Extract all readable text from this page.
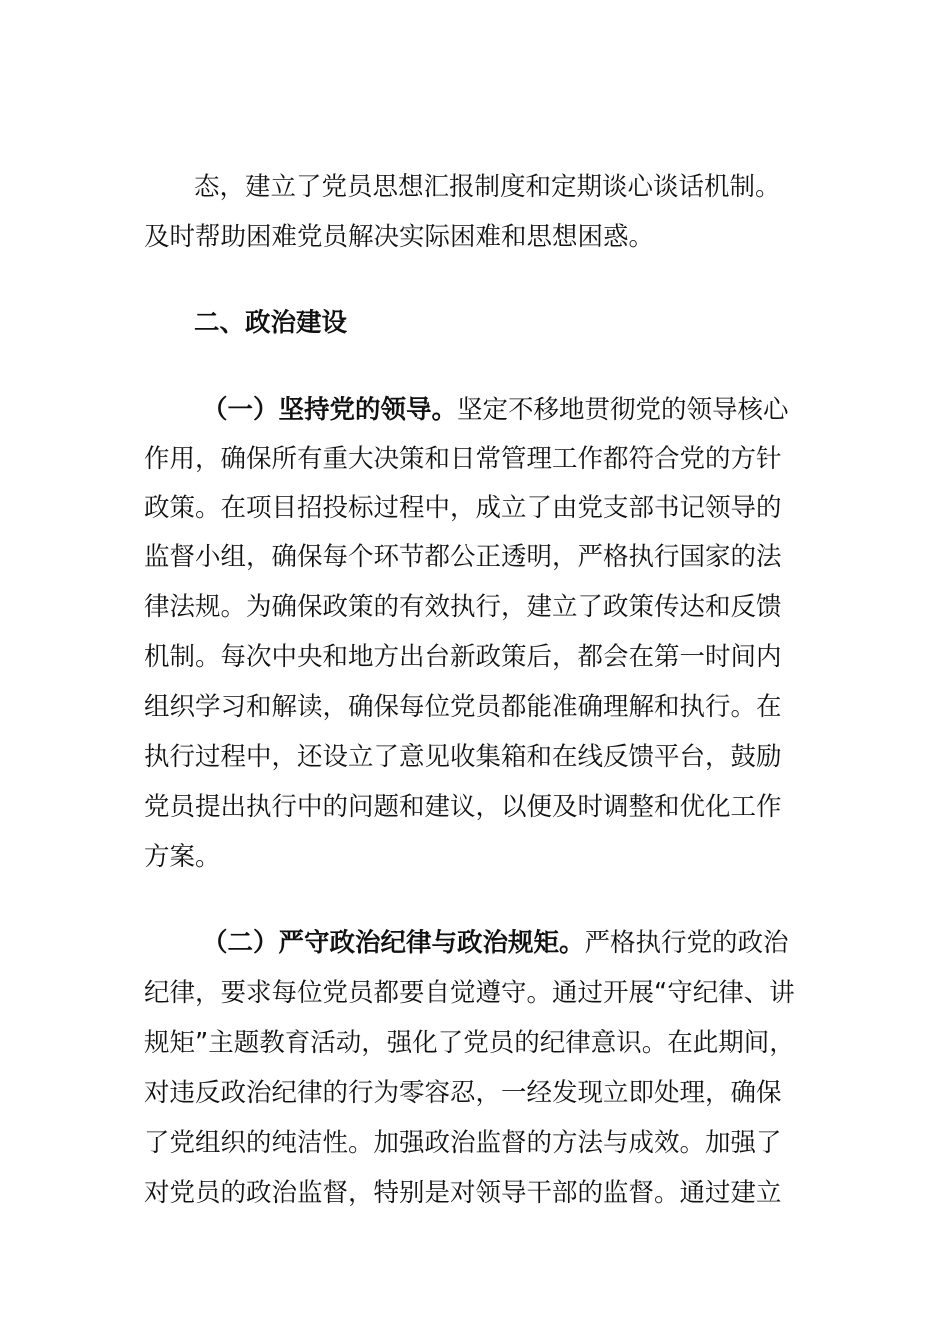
态，建立了党员思想汇报制度和定期谈心谈话机制。
及时帮助困难党员解决实际困难和思想困惑。
二、政治建设
（一）坚持党的领导。坚定不移地贯彻党的领导核心
作用，确保所有重大决策和日常管理工作都符合党的方针
政策。在项目招投标过程中，成立了由党支部书记领导的
监督小组，确保每个环节都公正透明，严格执行国家的法
律法规。为确保政策的有效执行，建立了政策传达和反馈
机制。每次中央和地方出台新政策后，都会在第一时间内
组织学习和解读，确保每位党员都能准确理解和执行。在
执行过程中，还设立了意见收集箱和在线反馈平台，鼓励
党员提出执行中的问题和建议，以便及时调整和优化工作
方案。
（二）严守政治纪律与政治规矩。严格执行党的政治
纪律，要求每位党员都要自觉遵守。通过开展“守纪律、讲
规矩”主题教育活动，强化了党员的纪律意识。在此期间，
对违反政治纪律的行为零容忍，一经发现立即处理，确保
了党组织的纯洁性。加强政治监督的方法与成效。加强了
对党员的政治监督，特别是对领导干部的监督。通过建立
